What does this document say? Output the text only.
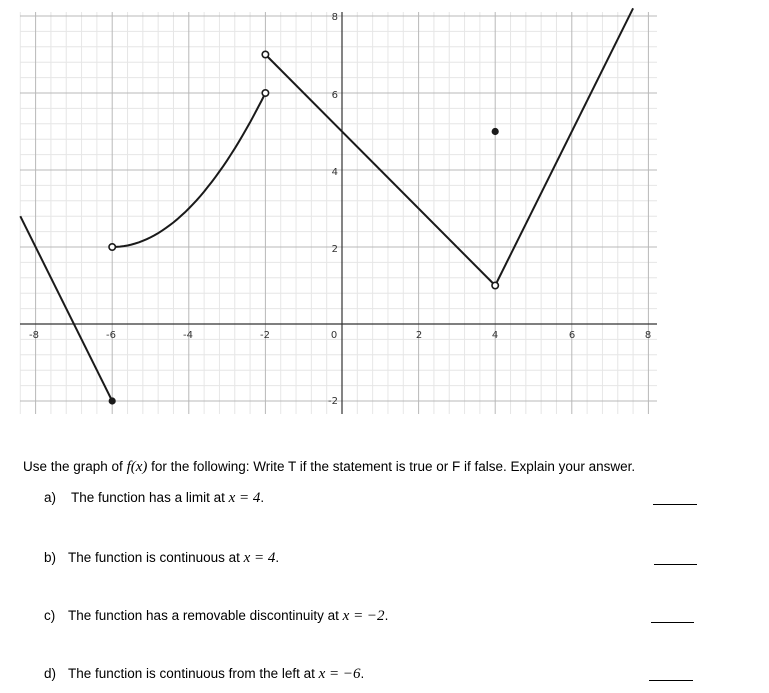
-8	-6	-4	-2	0	2	4	6	8
8
6
4
2
-2
Use the graph of f(x) for the following: Write T if the statement is true or F if false. Explain your answer.
a) The function has a limit at x = 4.
b) The function is continuous at x = 4.
c) The function has a removable discontinuity at x = −2.
d) The function is continuous from the left at x = −6.
